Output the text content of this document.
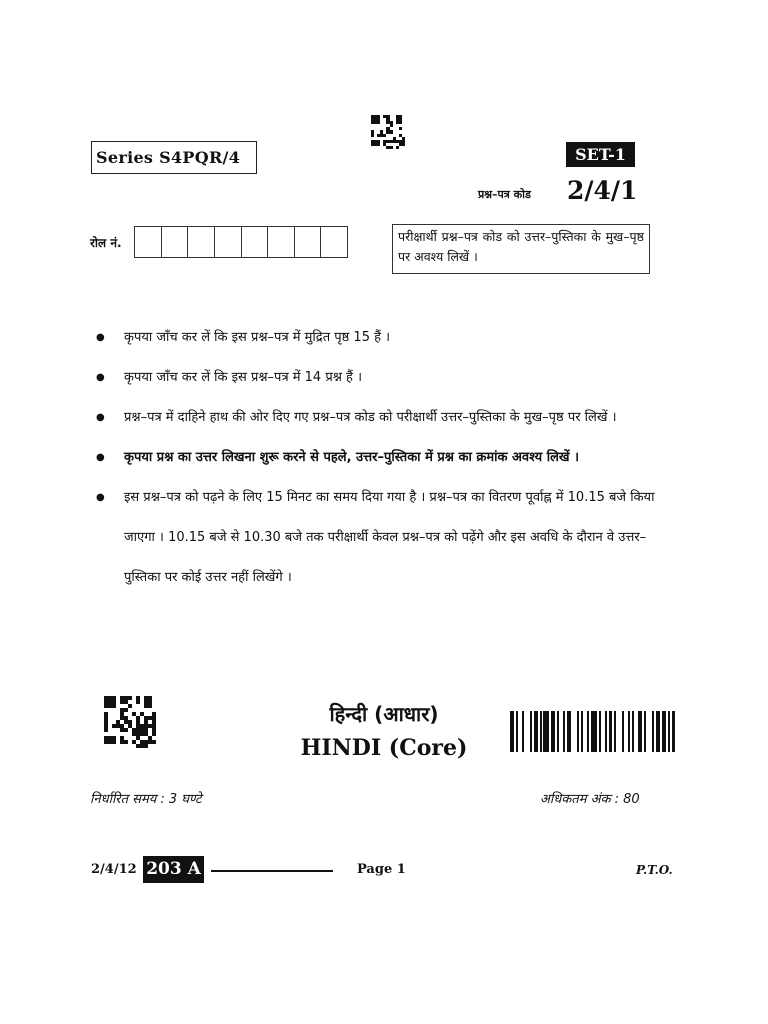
Series S4PQR/4	SET-1
प्रश्न–पत्र कोड 2/4/1
रोल नं.	परीक्षार्थी प्रश्न–पत्र कोड को उत्तर–पुस्तिका के मुख–पृष्ठ पर अवश्य लिखें ।
● कृपया जाँच कर लें कि इस प्रश्न–पत्र में मुद्रित पृष्ठ 15 हैं ।
● कृपया जाँच कर लें कि इस प्रश्न–पत्र में 14 प्रश्न हैं ।
● प्रश्न–पत्र में दाहिने हाथ की ओर दिए गए प्रश्न–पत्र कोड को परीक्षार्थी उत्तर–पुस्तिका के मुख–पृष्ठ पर लिखें ।
● कृपया प्रश्न का उत्तर लिखना शुरू करने से पहले, उत्तर–पुस्तिका में प्रश्न का क्रमांक अवश्य लिखें ।
● इस प्रश्न–पत्र को पढ़ने के लिए 15 मिनट का समय दिया गया है । प्रश्न–पत्र का वितरण पूर्वाह्न में 10.15 बजे किया जाएगा । 10.15 बजे से 10.30 बजे तक परीक्षार्थी केवल प्रश्न–पत्र को पढ़ेंगे और इस अवधि के दौरान वे उत्तर–पुस्तिका पर कोई उत्तर नहीं लिखेंगे ।
हिन्दी (आधार)
HINDI (Core)
निर्धारित समय : 3 घण्टे	अधिकतम अंक : 80
2/4/12 203 A	Page 1	P.T.O.
